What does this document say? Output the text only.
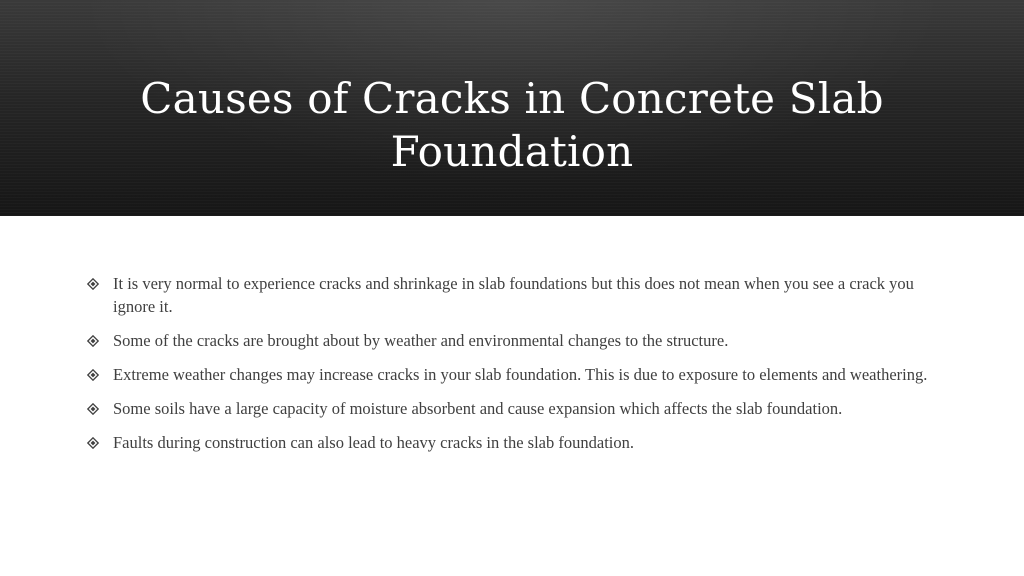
Causes of Cracks in Concrete Slab Foundation
It is very normal to experience cracks and shrinkage in slab foundations but this does not mean when you see a crack you ignore it.
Some of the cracks are brought about by weather and environmental changes to the structure.
Extreme weather changes may increase cracks in your slab foundation. This is due to exposure to elements and weathering.
Some soils have a large capacity of moisture absorbent and cause expansion which affects the slab foundation.
Faults during construction can also lead to heavy cracks in the slab foundation.
